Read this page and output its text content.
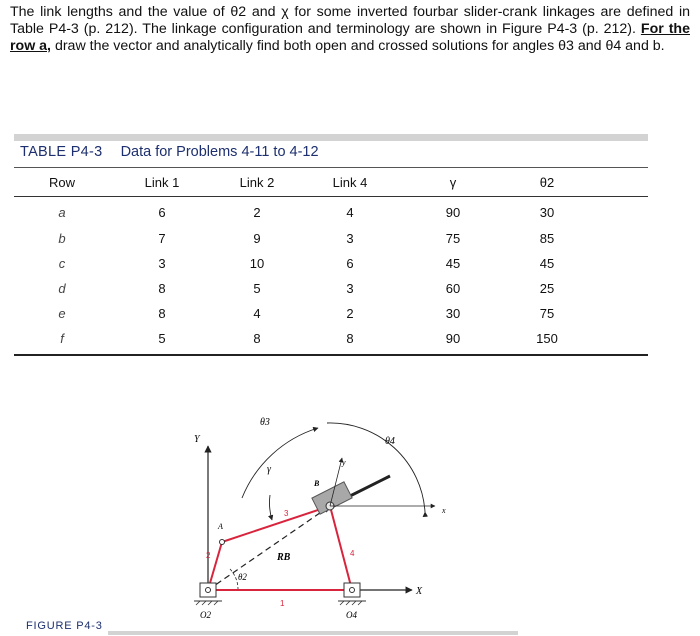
The link lengths and the value of θ2 and χ for some inverted fourbar slider-crank linkages are defined in Table P4-3 (p. 212). The linkage configuration and terminology are shown in Figure P4-3 (p. 212). For the row a, draw the vector and analytically find both open and crossed solutions for angles θ3 and θ4 and b.

TABLE P4-3 Data for Problems 4-11 to 4-12
Row	Link 1	Link 2	Link 4	γ	θ2
a	6	2	4	90	30
b	7	9	3	75	85
c	3	10	6	45	45
d	8	5	3	60	25
e	8	4	2	30	75
f	5	8	8	90	150
Y
X
θ3
θ4
γ
B
y
x
A
RB
θ2
O2	O4
1
2
3
4
FIGURE P4-3
